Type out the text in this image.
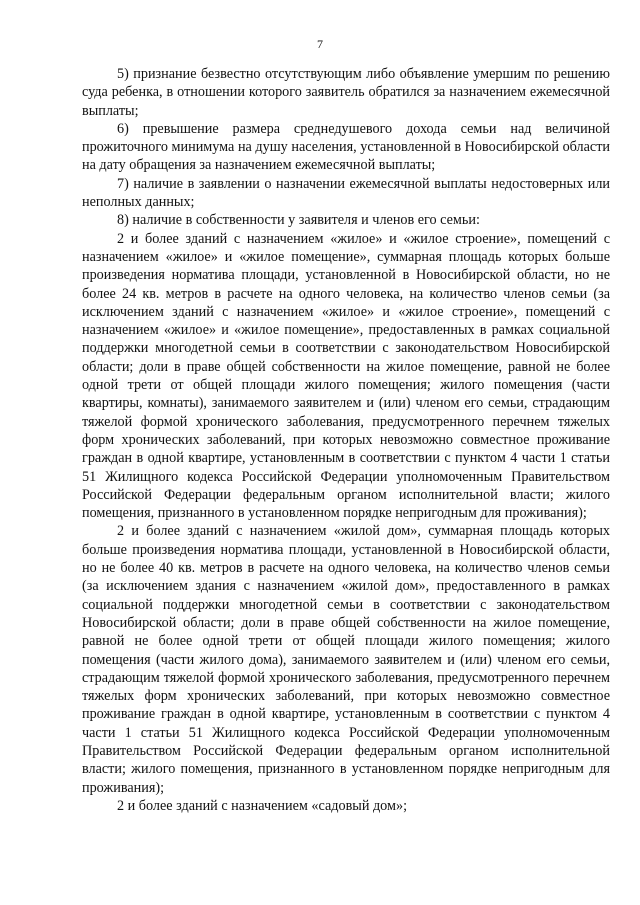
7

5) признание безвестно отсутствующим либо объявление умершим по решению суда ребенка, в отношении которого заявитель обратился за назначением ежемесячной выплаты;

6) превышение размера среднедушевого дохода семьи над величиной прожиточного минимума на душу населения, установленной в Новосибирской области на дату обращения за назначением ежемесячной выплаты;

7) наличие в заявлении о назначении ежемесячной выплаты недостоверных или неполных данных;

8) наличие в собственности у заявителя и членов его семьи:

2 и более зданий с назначением «жилое» и «жилое строение», помещений с назначением «жилое» и «жилое помещение», суммарная площадь которых больше произведения норматива площади, установленной в Новосибирской области, но не более 24 кв. метров в расчете на одного человека, на количество членов семьи (за исключением зданий с назначением «жилое» и «жилое строение», помещений с назначением «жилое» и «жилое помещение», предоставленных в рамках социальной поддержки многодетной семьи в соответствии с законодательством Новосибирской области; доли в праве общей собственности на жилое помещение, равной не более одной трети от общей площади жилого помещения; жилого помещения (части квартиры, комнаты), занимаемого заявителем и (или) членом его семьи, страдающим тяжелой формой хронического заболевания, предусмотренного перечнем тяжелых форм хронических заболеваний, при которых невозможно совместное проживание граждан в одной квартире, установленным в соответствии с пунктом 4 части 1 статьи 51 Жилищного кодекса Российской Федерации уполномоченным Правительством Российской Федерации федеральным органом исполнительной власти; жилого помещения, признанного в установленном порядке непригодным для проживания);

2 и более зданий с назначением «жилой дом», суммарная площадь которых больше произведения норматива площади, установленной в Новосибирской области, но не более 40 кв. метров в расчете на одного человека, на количество членов семьи (за исключением здания с назначением «жилой дом», предоставленного в рамках социальной поддержки многодетной семьи в соответствии с законодательством Новосибирской области; доли в праве общей собственности на жилое помещение, равной не более одной трети от общей площади жилого помещения; жилого помещения (части жилого дома), занимаемого заявителем и (или) членом его семьи, страдающим тяжелой формой хронического заболевания, предусмотренного перечнем тяжелых форм хронических заболеваний, при которых невозможно совместное проживание граждан в одной квартире, установленным в соответствии с пунктом 4 части 1 статьи 51 Жилищного кодекса Российской Федерации уполномоченным Правительством Российской Федерации федеральным органом исполнительной власти; жилого помещения, признанного в установленном порядке непригодным для проживания);

2 и более зданий с назначением «садовый дом»;
